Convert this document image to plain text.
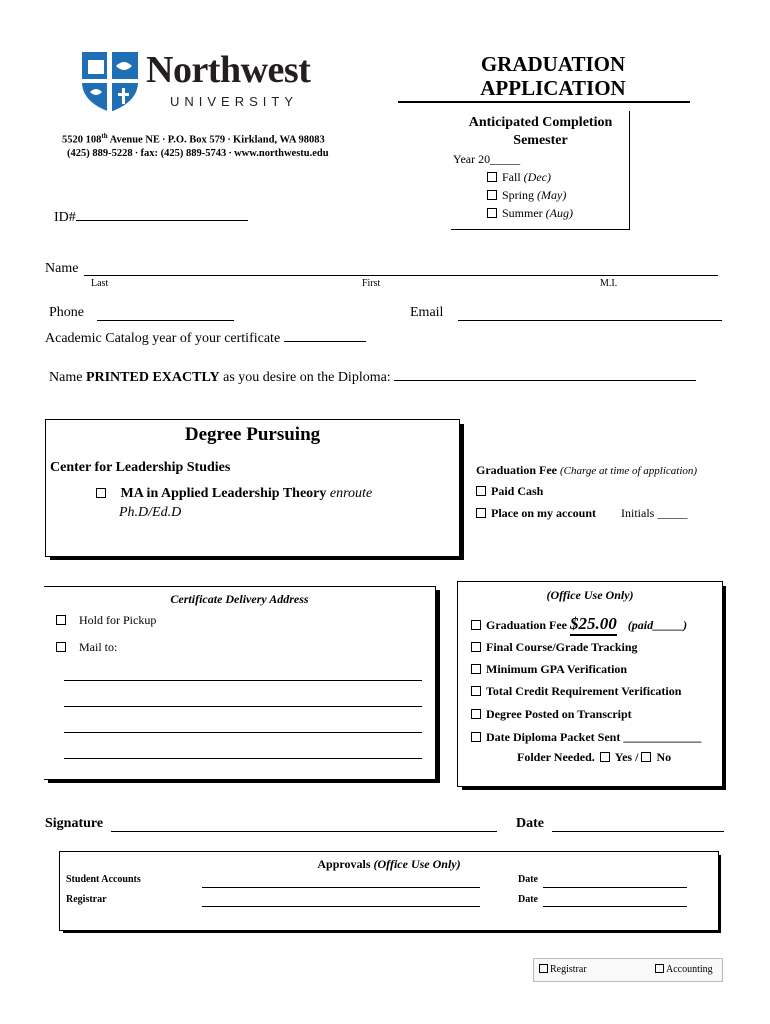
Northwest
UNIVERSITY
5520 108th Avenue NE ∙ P.O. Box 579 ∙ Kirkland, WA 98083
(425) 889-5228 ∙ fax: (425) 889-5743 ∙ www.northwestu.edu
GRADUATION
APPLICATION
Anticipated Completion
Semester
Year 20_____
Fall (Dec)
Spring (May)
Summer (Aug)
ID#
Name
Last	First	M.I.
Phone	Email
Academic Catalog year of your certificate
Name PRINTED EXACTLY as you desire on the Diploma:
Degree Pursuing
Center for Leadership Studies
MA in Applied Leadership Theory enroute
Ph.D/Ed.D
Graduation Fee (Charge at time of application)
Paid Cash
Place on my account Initials _____
Certificate Delivery Address
Hold for Pickup
Mail to:
(Office Use Only)
Graduation Fee $25.00 (paid_____)
Final Course/Grade Tracking
Minimum GPA Verification
Total Credit Requirement Verification
Degree Posted on Transcript
Date Diploma Packet Sent _____________
Folder Needed. Yes / No
Signature	Date
Approvals (Office Use Only)
Student Accounts	Date
Registrar	Date
Registrar	Accounting
